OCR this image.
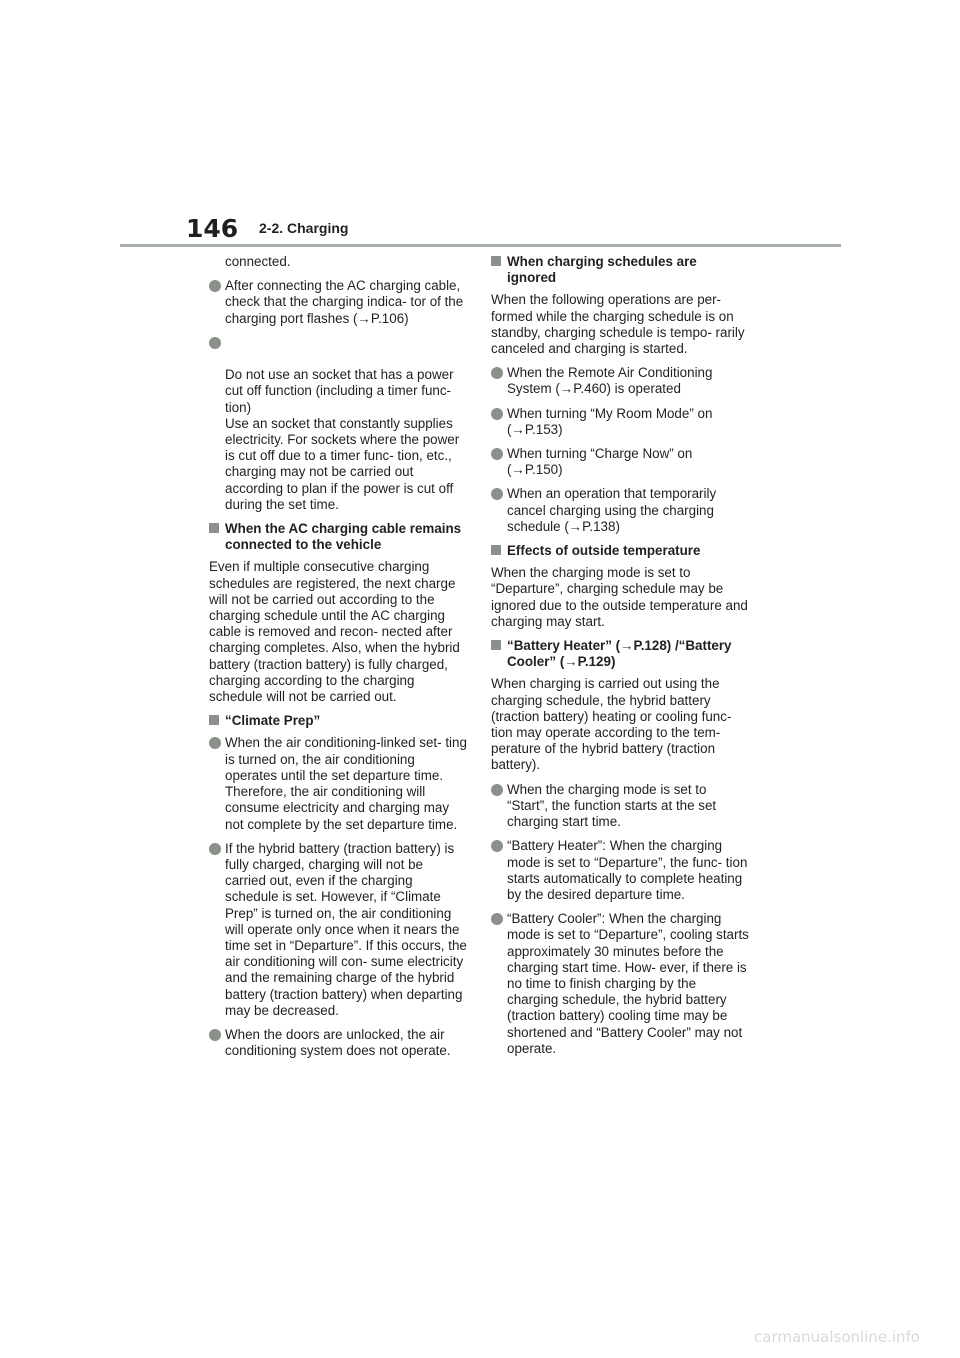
146 2-2. Charging

connected.

After connecting the AC charging cable, check that the charging indica- tor of the charging port flashes (→P.106)

Do not use an socket that has a power cut off function (including a timer func- tion)
Use an socket that constantly supplies electricity. For sockets where the power is cut off due to a timer func- tion, etc., charging may not be carried out according to plan if the power is cut off during the set time.

When the AC charging cable remains connected to the vehicle

Even if multiple consecutive charging schedules are registered, the next charge will not be carried out according to the charging schedule until the AC charging cable is removed and recon- nected after charging completes. Also, when the hybrid battery (traction battery) is fully charged, charging according to the charging schedule will not be carried out.

“Climate Prep”
When the air conditioning-linked set- ting is turned on, the air conditioning operates until the set departure time. Therefore, the air conditioning will consume electricity and charging may not complete by the set departure time.
If the hybrid battery (traction battery) is fully charged, charging will not be carried out, even if the charging schedule is set. However, if “Climate Prep” is turned on, the air conditioning will operate only once when it nears the time set in “Departure”. If this occurs, the air conditioning will con- sume electricity and the remaining charge of the hybrid battery (traction battery) when departing may be decreased.
When the doors are unlocked, the air conditioning system does not operate.
When charging schedules are ignored

When the following operations are per- formed while the charging schedule is on standby, charging schedule is tempo- rarily canceled and charging is started.

When the Remote Air Conditioning System (→P.460) is operated
When turning “My Room Mode” on (→P.153)
When turning “Charge Now” on (→P.150)
When an operation that temporarily cancel charging using the charging schedule (→P.138)
Effects of outside temperature

When the charging mode is set to “Departure”, charging schedule may be ignored due to the outside temperature and charging may start.

“Battery Heater” (→P.128) /“Battery Cooler” (→P.129)

When charging is carried out using the charging schedule, the hybrid battery (traction battery) heating or cooling func- tion may operate according to the tem- perature of the hybrid battery (traction battery).

When the charging mode is set to “Start”, the function starts at the set charging start time.
“Battery Heater”: When the charging mode is set to “Departure”, the func- tion starts automatically to complete heating by the desired departure time.
“Battery Cooler”: When the charging mode is set to “Departure”, cooling starts approximately 30 minutes before the charging start time. How- ever, if there is no time to finish charging by the charging schedule, the hybrid battery (traction battery) cooling time may be shortened and “Battery Cooler” may not operate.
carmanualsonline.info
